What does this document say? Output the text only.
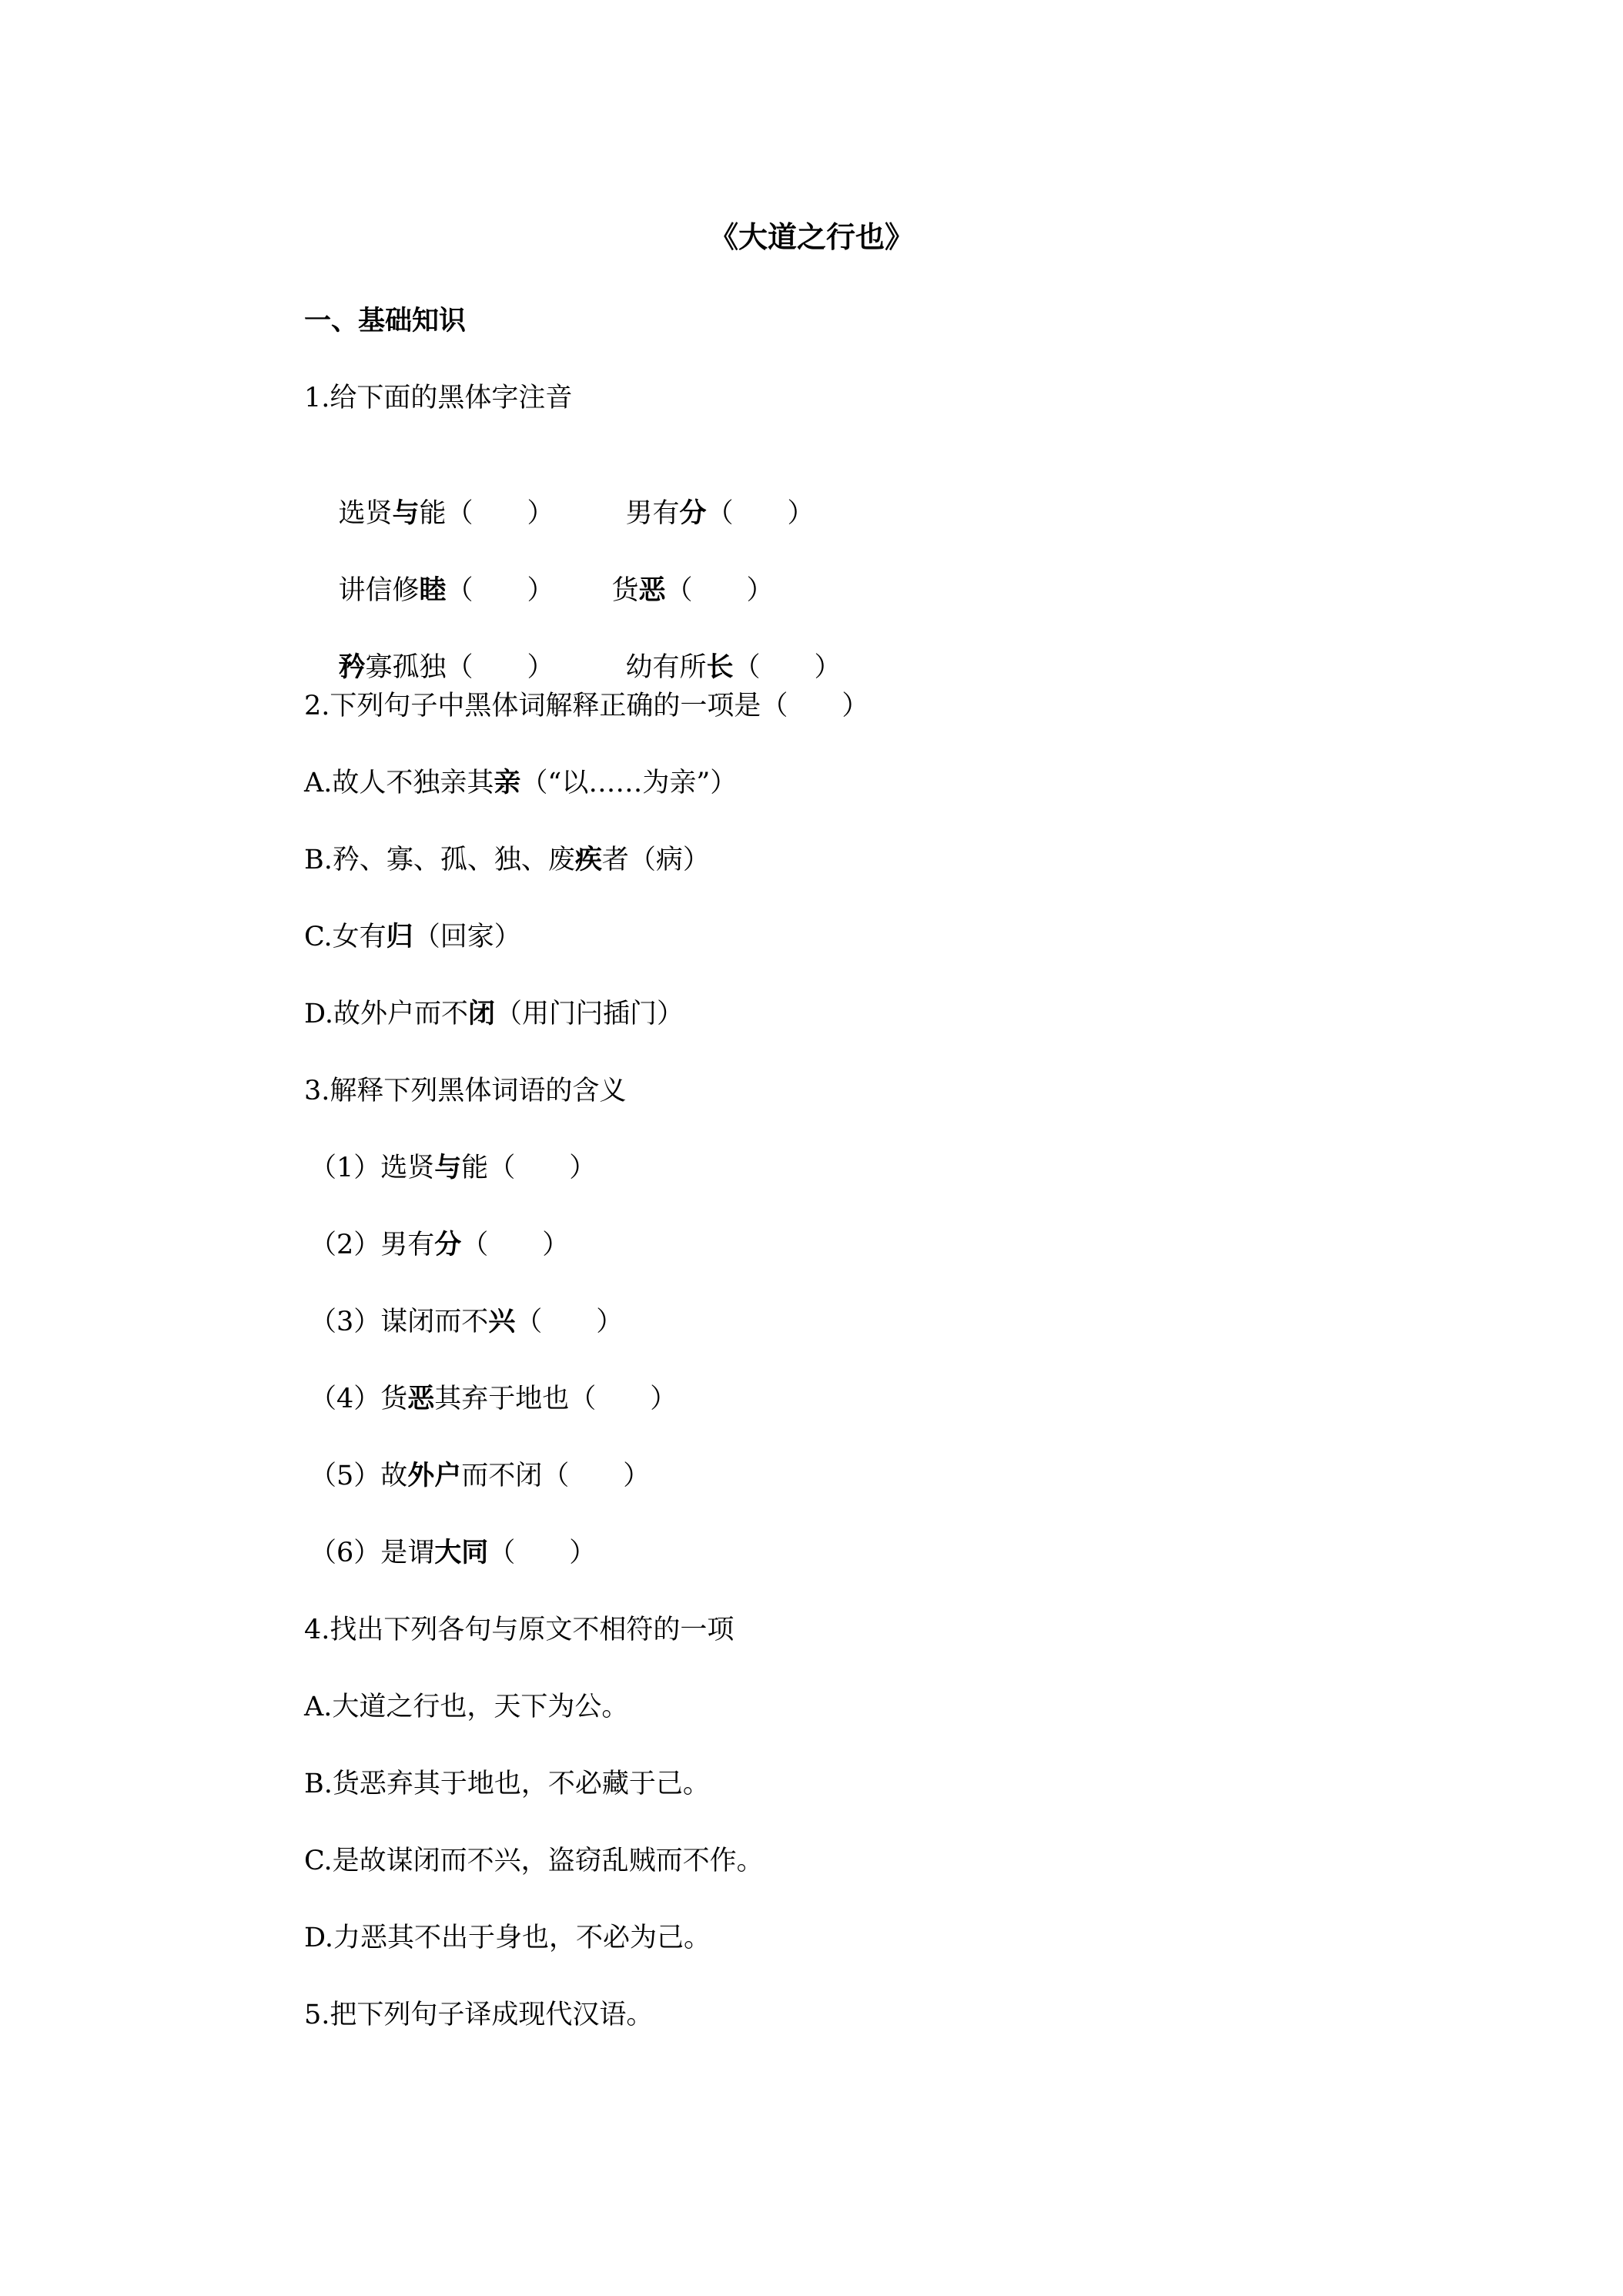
《大道之行也》
一、基础知识
1.给下面的黑体字注音

选贤与能（　　）	男有分（　　）

讲信修睦（　　） 货恶（　　）

矜寡孤独（　　）	幼有所长（　　）

2.下列句子中黑体词解释正确的一项是（　　）
A.故人不独亲其亲（“以……为亲”）
B.矜、寡、孤、独、废疾者（病）
C.女有归（回家）
D.故外户而不闭（用门闩插门）
3.解释下列黑体词语的含义
（1）选贤与能（　　）
（2）男有分（　　）
（3）谋闭而不兴（　　）
（4）货恶其弃于地也（　　）
（5）故外户而不闭（　　）
（6）是谓大同（　　）
4.找出下列各句与原文不相符的一项
A.大道之行也，天下为公。
B.货恶弃其于地也，不必藏于己。
C.是故谋闭而不兴，盗窃乱贼而不作。
D.力恶其不出于身也，不必为己。
5.把下列句子译成现代汉语。
